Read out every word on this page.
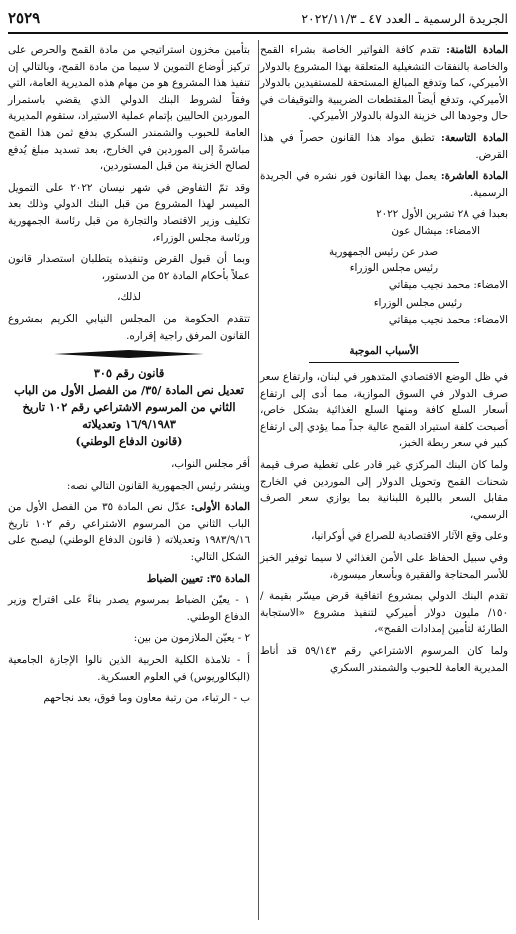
الجريدة الرسمية ـ العدد ٤٧ ـ ٢٠٢٢/١١/٣
٢٥٢٩

المادة الثامنة: تقدم كافة الفواتير الخاصة بشراء القمح والخاصة بالنفقات التشغيلية المتعلقة بهذا المشروع بالدولار الأميركي، كما وتدفع المبالغ المستحقة للمستفيدين بالدولار الأميركي، وتدفع أيضاً المقتطعات الضريبية والتوقيفات في حال وجودها الى خزينة الدولة بالدولار الأميركي.

المادة التاسعة: تطبق مواد هذا القانون حصراً في هذا القرض.

المادة العاشرة: يعمل بهذا القانون فور نشره في الجريدة الرسمية.

بعبدا في ٢٨ تشرين الأول ٢٠٢٢

الامضاء: ميشال عون

صدر عن رئيس الجمهورية

رئيس مجلس الوزراء

الامضاء: محمد نجيب ميقاتي

رئيس مجلس الوزراء

الامضاء: محمد نجيب ميقاتي

الأسباب الموجبة

في ظل الوضع الاقتصادي المتدهور في لبنان، وارتفاع سعر صرف الدولار في السوق الموازية، مما أدى إلى ارتفاع أسعار السلع كافة ومنها السلع الغذائية بشكل خاص، أصبحت كلفة استيراد القمح عالية جداً مما يؤدي إلى ارتفاع كبير في سعر ربطة الخبز،

ولما كان البنك المركزي غير قادر على تغطية صرف قيمة شحنات القمح وتحويل الدولار إلى الموردين في الخارج مقابل السعر بالليرة اللبنانية بما يوازي سعر الصرف الرسمي،

وعلى وقع الآثار الاقتصادية للصراع في أوكرانيا،

وفي سبيل الحفاظ على الأمن الغذائي لا سيما توفير الخبز للأسر المحتاجة والفقيرة وبأسعار ميسورة،

تقدم البنك الدولي بمشروع اتفاقية قرض ميسّر بقيمة /١٥٠/ مليون دولار أميركي لتنفيذ مشروع «الاستجابة الطارئة لتأمين إمدادات القمح»،

ولما كان المرسوم الاشتراعي رقم ٥٩/١٤٣ قد أناط المديرية العامة للحبوب والشمندر السكري

بتأمين مخزون استراتيجي من مادة القمح والحرص على تركيز أوضاع التموين لا سيما من مادة القمح، وبالتالي إن تنفيذ هذا المشروع هو من مهام هذه المديرية العامة، التي وفقاً لشروط البنك الدولي الذي يقضي باستمرار الموردين الحاليين بإتمام عملية الاستيراد، ستقوم المديرية العامة للحبوب والشمندر السكري بدفع ثمن هذا القمح مباشرةً إلى الموردين في الخارج، بعد تسديد مبلغ يُدفع لصالح الخزينة من قبل المستوردين،

وقد تمّ التفاوض في شهر نيسان ٢٠٢٢ على التمويل الميسر لهذا المشروع من قبل البنك الدولي وذلك بعد تكليف وزير الاقتصاد والتجارة من قبل رئاسة الجمهورية ورئاسة مجلس الوزراء،

وبما أن قبول القرض وتنفيذه يتطلبان استصدار قانون عملاً بأحكام المادة ٥٢ من الدستور،

لذلك،

تتقدم الحكومة من المجلس النيابي الكريم بمشروع القانون المرفق راجية إقراره.

قانون رقم ٣٠٥

تعديل نص المادة /٣٥/ من الفصل الأول من الباب الثاني من المرسوم الاشتراعي رقم ١٠٢ تاريخ ١٦/٩/١٩٨٣ وتعديلاته

(قانون الدفاع الوطني)

أقر مجلس النواب،

وينشر رئيس الجمهورية القانون التالي نصه:

المادة الأولى: عدّل نص المادة ٣٥ من الفصل الأول من الباب الثاني من المرسوم الاشتراعي رقم ١٠٢ تاريخ ١٩٨٣/٩/١٦ وتعديلاته ( قانون الدفاع الوطني) ليصبح على الشكل التالي:

المادة ٣٥: تعيين الضباط

١ - يعيّن الضباط بمرسوم يصدر بناءً على اقتراح وزير الدفاع الوطني.

٢ - يعيّن الملازمون من بين:

أ - تلامذة الكلية الحربية الذين نالوا الإجازة الجامعية (البكالوريوس) في العلوم العسكرية.

ب - الرتباء، من رتبة معاون وما فوق، بعد نجاحهم
